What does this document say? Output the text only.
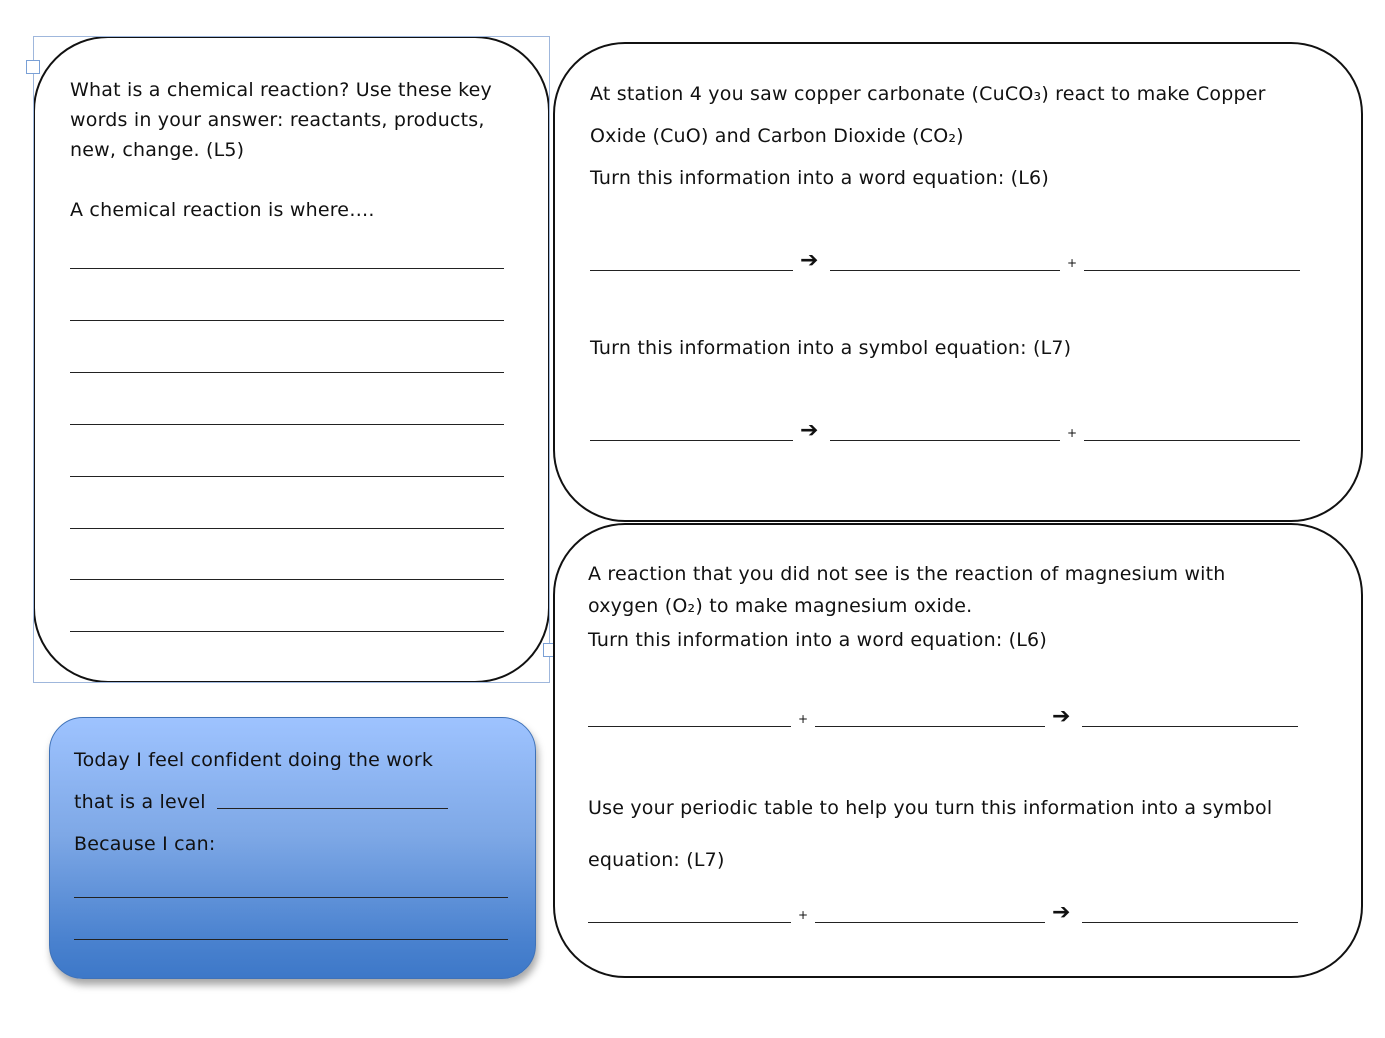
What is a chemical reaction? Use these key words in your answer: reactants, products, new, change. (L5)
A chemical reaction is where….
At station 4 you saw copper carbonate (CuCO₃) react to make Copper
Oxide (CuO) and Carbon Dioxide (CO₂)
Turn this information into a word equation: (L6)
➔	+
Turn this information into a symbol equation: (L7)
➔	+
A reaction that you did not see is the reaction of magnesium with
oxygen (O₂) to make magnesium oxide.
Turn this information into a word equation: (L6)
+	➔
Use your periodic table to help you turn this information into a symbol
equation: (L7)
+	➔
Today I feel confident doing the work
that is a level
Because I can:
